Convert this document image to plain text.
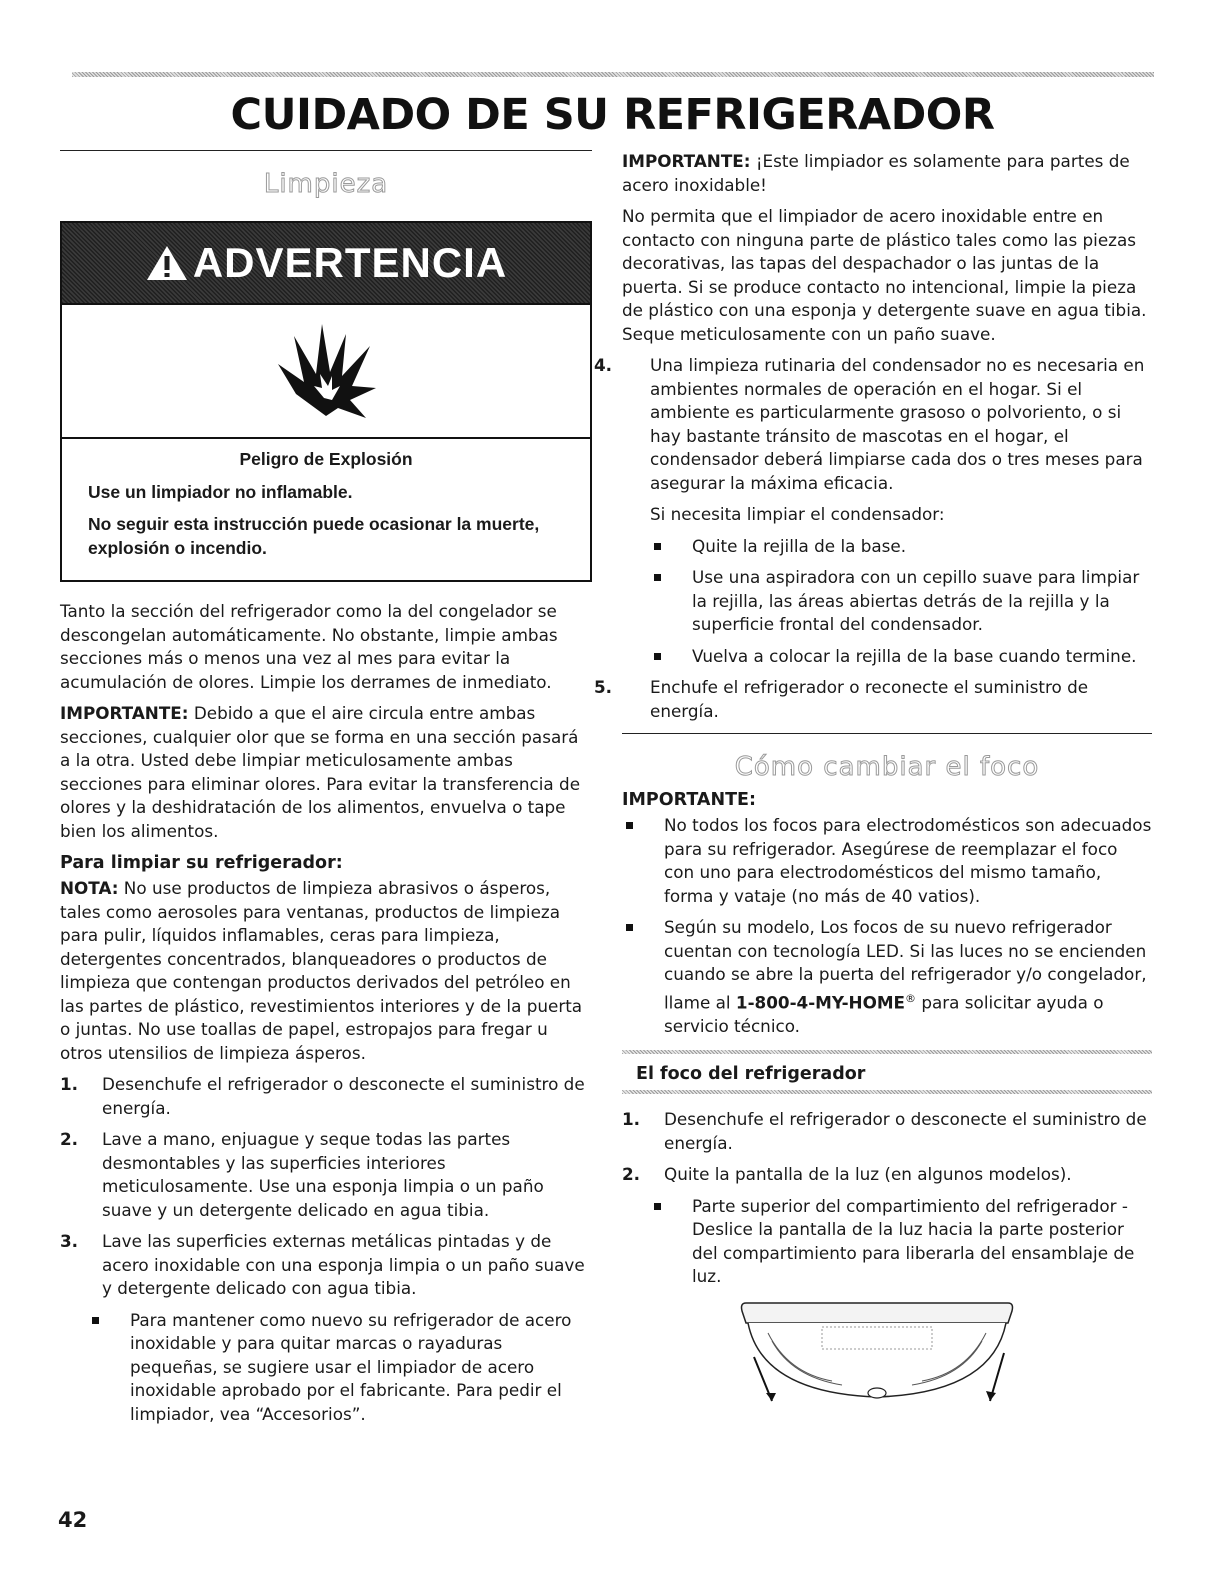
CUIDADO DE SU REFRIGERADOR
Limpieza
ADVERTENCIA
Peligro de Explosión
Use un limpiador no inflamable.
No seguir esta instrucción puede ocasionar la muerte, explosión o incendio.

Tanto la sección del refrigerador como la del congelador se descongelan automáticamente. No obstante, limpie ambas secciones más o menos una vez al mes para evitar la acumulación de olores. Limpie los derrames de inmediato.

IMPORTANTE: Debido a que el aire circula entre ambas secciones, cualquier olor que se forma en una sección pasará a la otra. Usted debe limpiar meticulosamente ambas secciones para eliminar olores. Para evitar la transferencia de olores y la deshidratación de los alimentos, envuelva o tape bien los alimentos.

Para limpiar su refrigerador:

NOTA: No use productos de limpieza abrasivos o ásperos, tales como aerosoles para ventanas, productos de limpieza para pulir, líquidos inflamables, ceras para limpieza, detergentes concentrados, blanqueadores o productos de limpieza que contengan productos derivados del petróleo en las partes de plástico, revestimientos interiores y de la puerta o juntas. No use toallas de papel, estropajos para fregar u otros utensilios de limpieza ásperos.

1. Desenchufe el refrigerador o desconecte el suministro de energía.
2. Lave a mano, enjuague y seque todas las partes desmontables y las superficies interiores meticulosamente. Use una esponja limpia o un paño suave y un detergente delicado en agua tibia.
3. Lave las superficies externas metálicas pintadas y de acero inoxidable con una esponja limpia o un paño suave y detergente delicado con agua tibia.
Para mantener como nuevo su refrigerador de acero inoxidable y para quitar marcas o rayaduras pequeñas, se sugiere usar el limpiador de acero inoxidable aprobado por el fabricante. Para pedir el limpiador, vea “Accesorios”.

IMPORTANTE: ¡Este limpiador es solamente para partes de acero inoxidable!

No permita que el limpiador de acero inoxidable entre en contacto con ninguna parte de plástico tales como las piezas decorativas, las tapas del despachador o las juntas de la puerta. Si se produce contacto no intencional, limpie la pieza de plástico con una esponja y detergente suave en agua tibia. Seque meticulosamente con un paño suave.

4. Una limpieza rutinaria del condensador no es necesaria en ambientes normales de operación en el hogar. Si el ambiente es particularmente grasoso o polvoriento, o si hay bastante tránsito de mascotas en el hogar, el condensador deberá limpiarse cada dos o tres meses para asegurar la máxima eficacia.

Si necesita limpiar el condensador:

Quite la rejilla de la base.
Use una aspiradora con un cepillo suave para limpiar la rejilla, las áreas abiertas detrás de la rejilla y la superficie frontal del condensador.
Vuelva a colocar la rejilla de la base cuando termine.
5. Enchufe el refrigerador o reconecte el suministro de energía.
Cómo cambiar el foco
IMPORTANTE:
No todos los focos para electrodomésticos son adecuados para su refrigerador. Asegúrese de reemplazar el foco con uno para electrodomésticos del mismo tamaño, forma y vataje (no más de 40 vatios).
Según su modelo, Los focos de su nuevo refrigerador cuentan con tecnología LED. Si las luces no se encienden cuando se abre la puerta del refrigerador y/o congelador, llame al 1-800-4-MY-HOME® para solicitar ayuda o servicio técnico.
El foco del refrigerador
1. Desenchufe el refrigerador o desconecte el suministro de energía.
2. Quite la pantalla de la luz (en algunos modelos).
Parte superior del compartimiento del refrigerador - Deslice la pantalla de la luz hacia la parte posterior del compartimiento para liberarla del ensamblaje de luz.
42
